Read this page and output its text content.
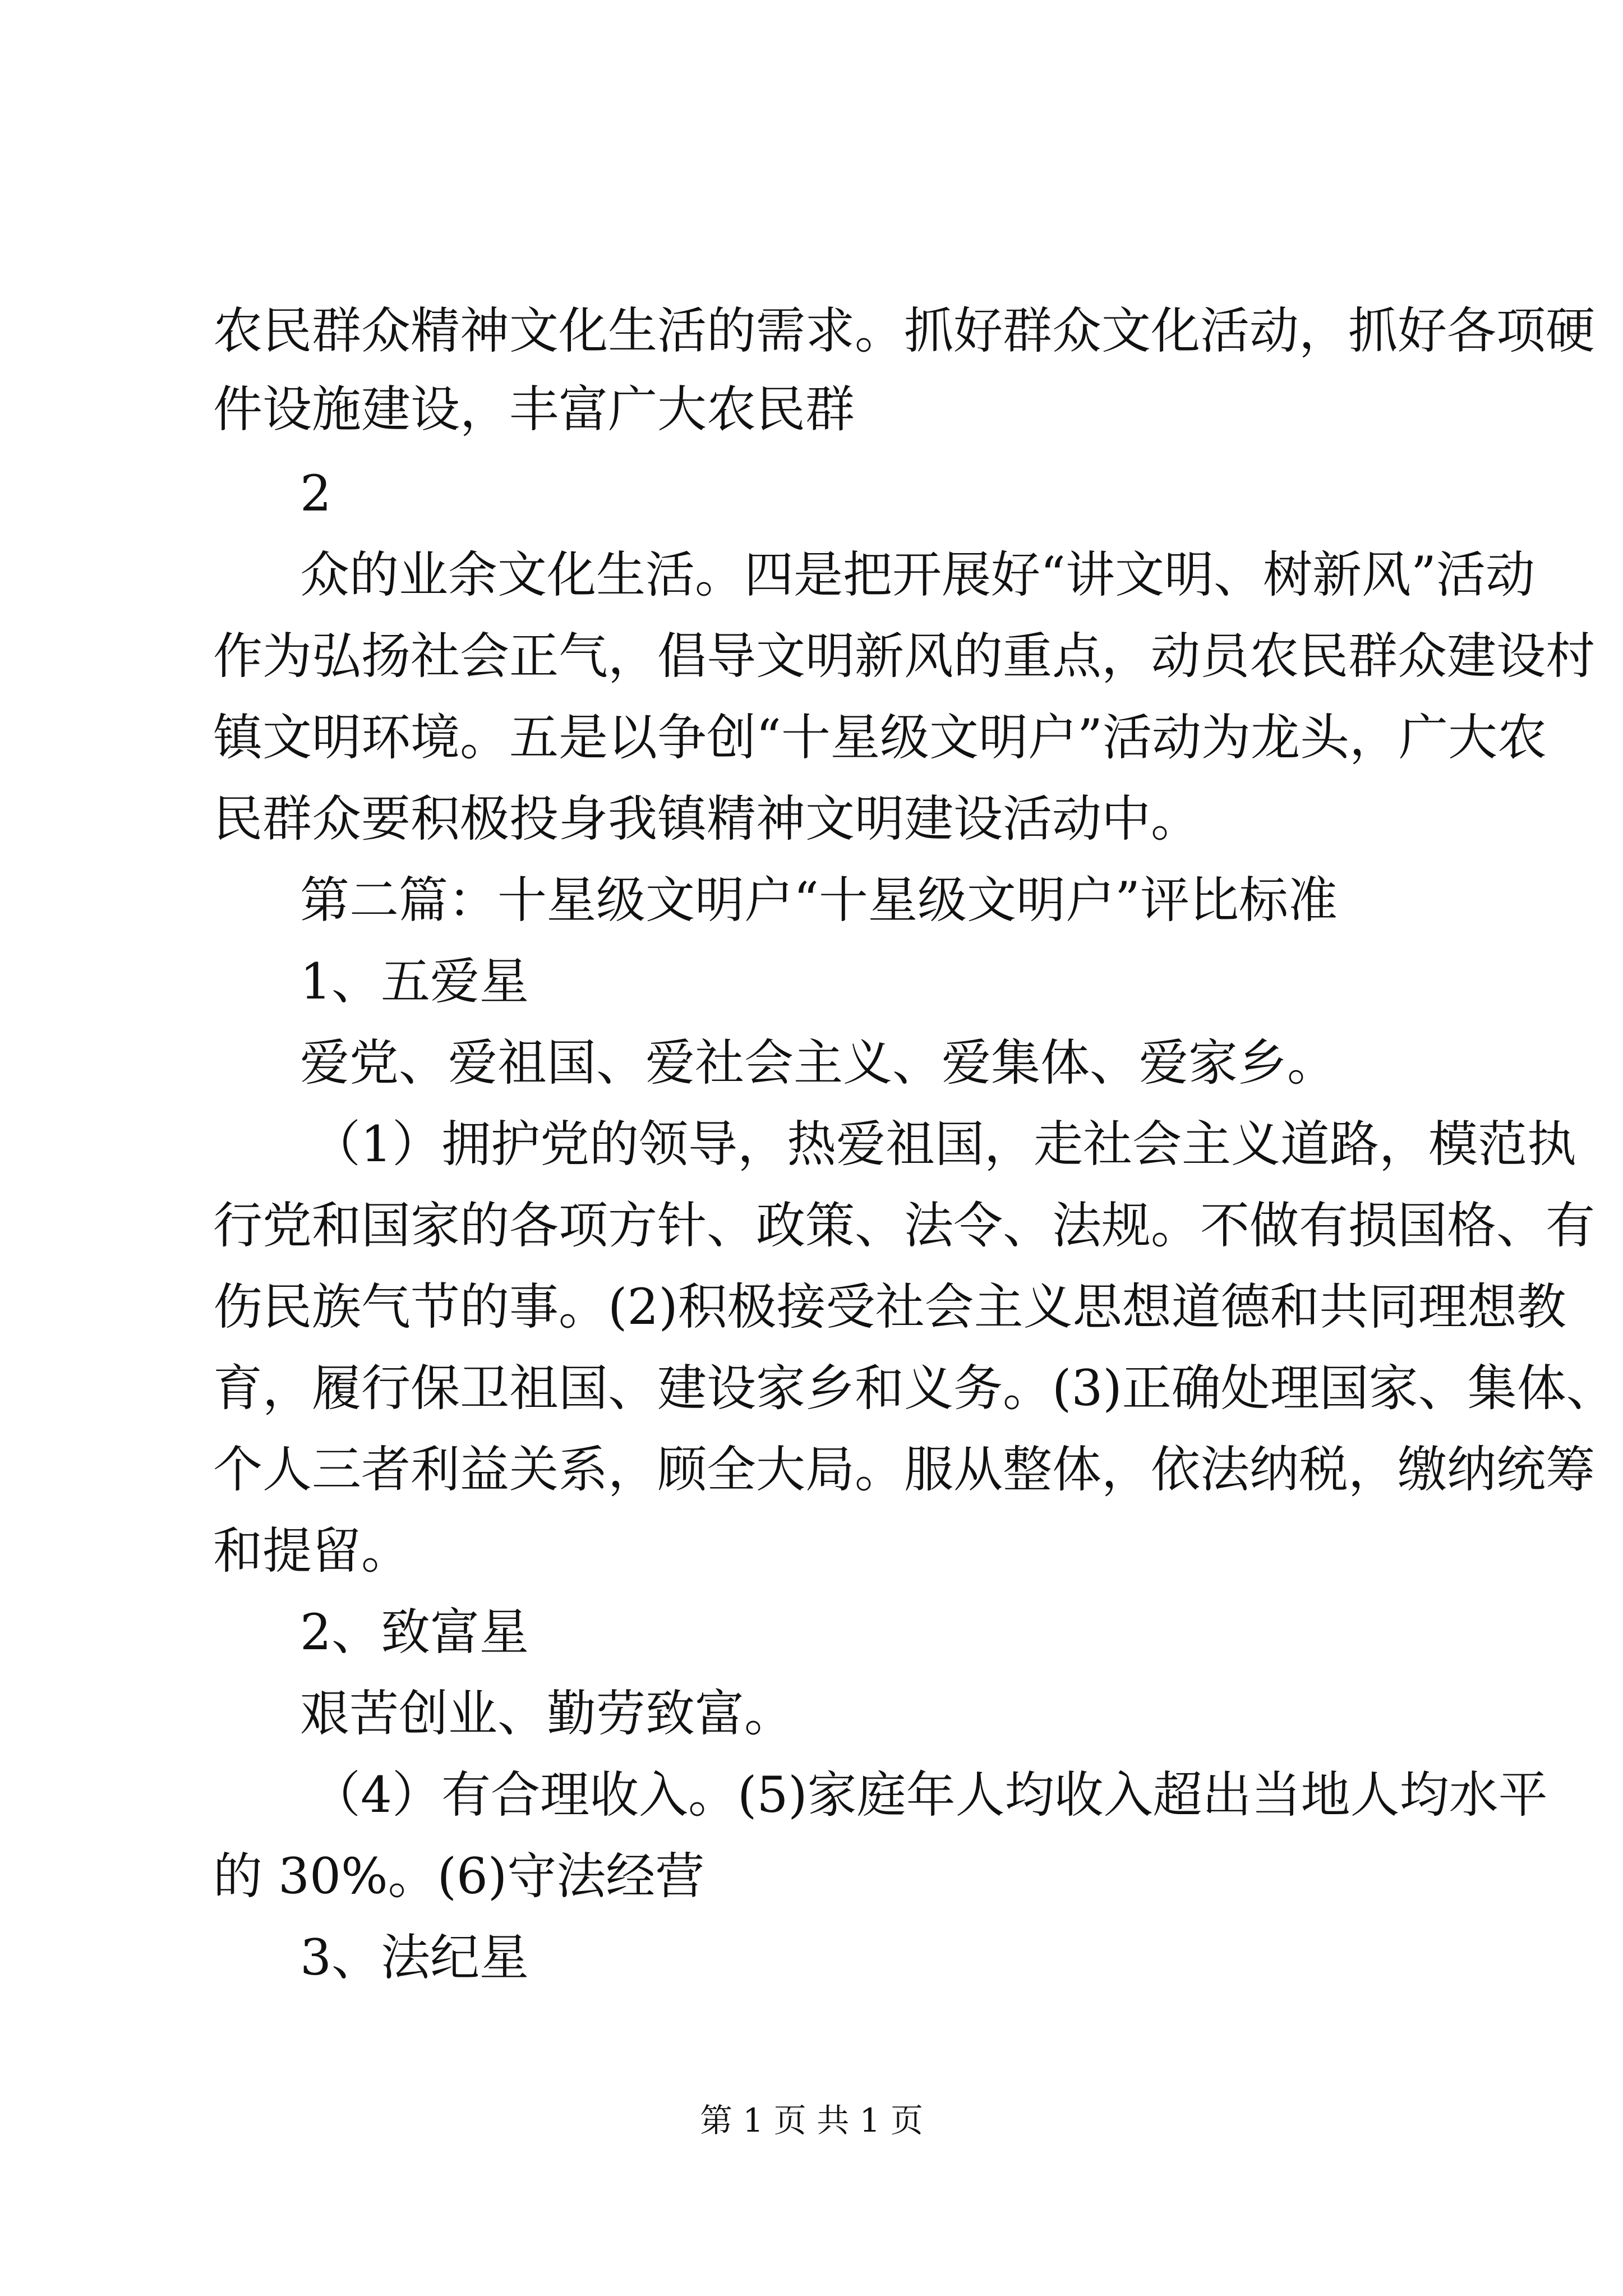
农民群众精神文化生活的需求。抓好群众文化活动，抓好各项硬
件设施建设，丰富广大农民群
2
众的业余文化生活。四是把开展好“讲文明、树新风”活动
作为弘扬社会正气，倡导文明新风的重点，动员农民群众建设村
镇文明环境。五是以争创“十星级文明户”活动为龙头，广大农
民群众要积极投身我镇精神文明建设活动中。
第二篇：十星级文明户“十星级文明户”评比标准
1、五爱星
爱党、爱祖国、爱社会主义、爱集体、爱家乡。
（1）拥护党的领导，热爱祖国，走社会主义道路，模范执
行党和国家的各项方针、政策、法令、法规。不做有损国格、有
伤民族气节的事。(2)积极接受社会主义思想道德和共同理想教
育，履行保卫祖国、建设家乡和义务。(3)正确处理国家、集体、
个人三者利益关系，顾全大局。服从整体，依法纳税，缴纳统筹
和提留。
2、致富星
艰苦创业、勤劳致富。
（4）有合理收入。(5)家庭年人均收入超出当地人均水平
的 30%。(6)守法经营
3、法纪星
第 1 页 共 1 页
